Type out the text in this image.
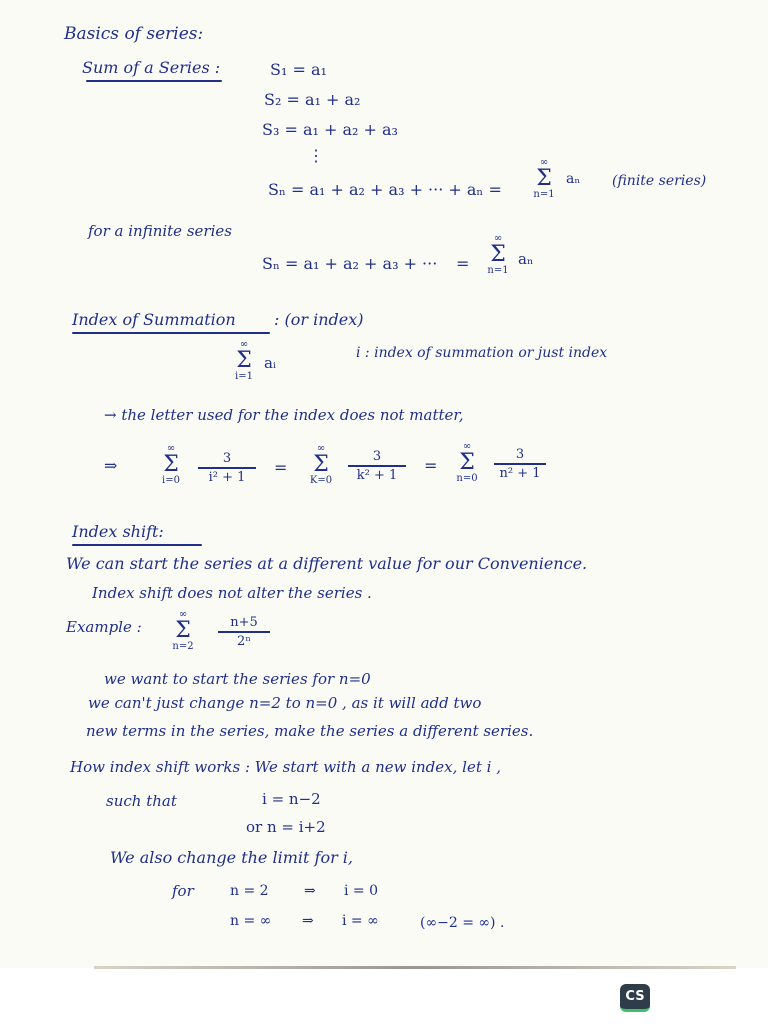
Basics of series:
Sum of a Series :	S₁ = a₁
S₂ = a₁ + a₂
S₃ = a₁ + a₂ + a₃
⋮
Sₙ = a₁ + a₂ + a₃ + ··· + aₙ =
∞
Σ
n=1
aₙ (finite series)
for a infinite series
Sₙ = a₁ + a₂ + a₃ + ··· =
∞
Σ
n=1
aₙ
Index of Summation : (or index)
∞
Σ
i=1
aᵢ
i : index of summation or just index
→ the letter used for the index does not matter,
⇒
∞
Σ
i=0
3
i² + 1	=
∞
Σ
K=0
3
k² + 1	=
∞
Σ
n=0
3
n² + 1
Index shift:
We can start the series at a different value for our Convenience.
Index shift does not alter the series .
Example :
∞
Σ
n=2
n+5
2ⁿ
we want to start the series for n=0
we can't just change n=2 to n=0 , as it will add two
new terms in the series, make the series a different series.
How index shift works : We start with a new index, let i ,
such that	i = n−2
or n = i+2
We also change the limit for i,
for	n = 2	⇒ i = 0
n = ∞ ⇒ i = ∞	(∞−2 = ∞) .
CS
